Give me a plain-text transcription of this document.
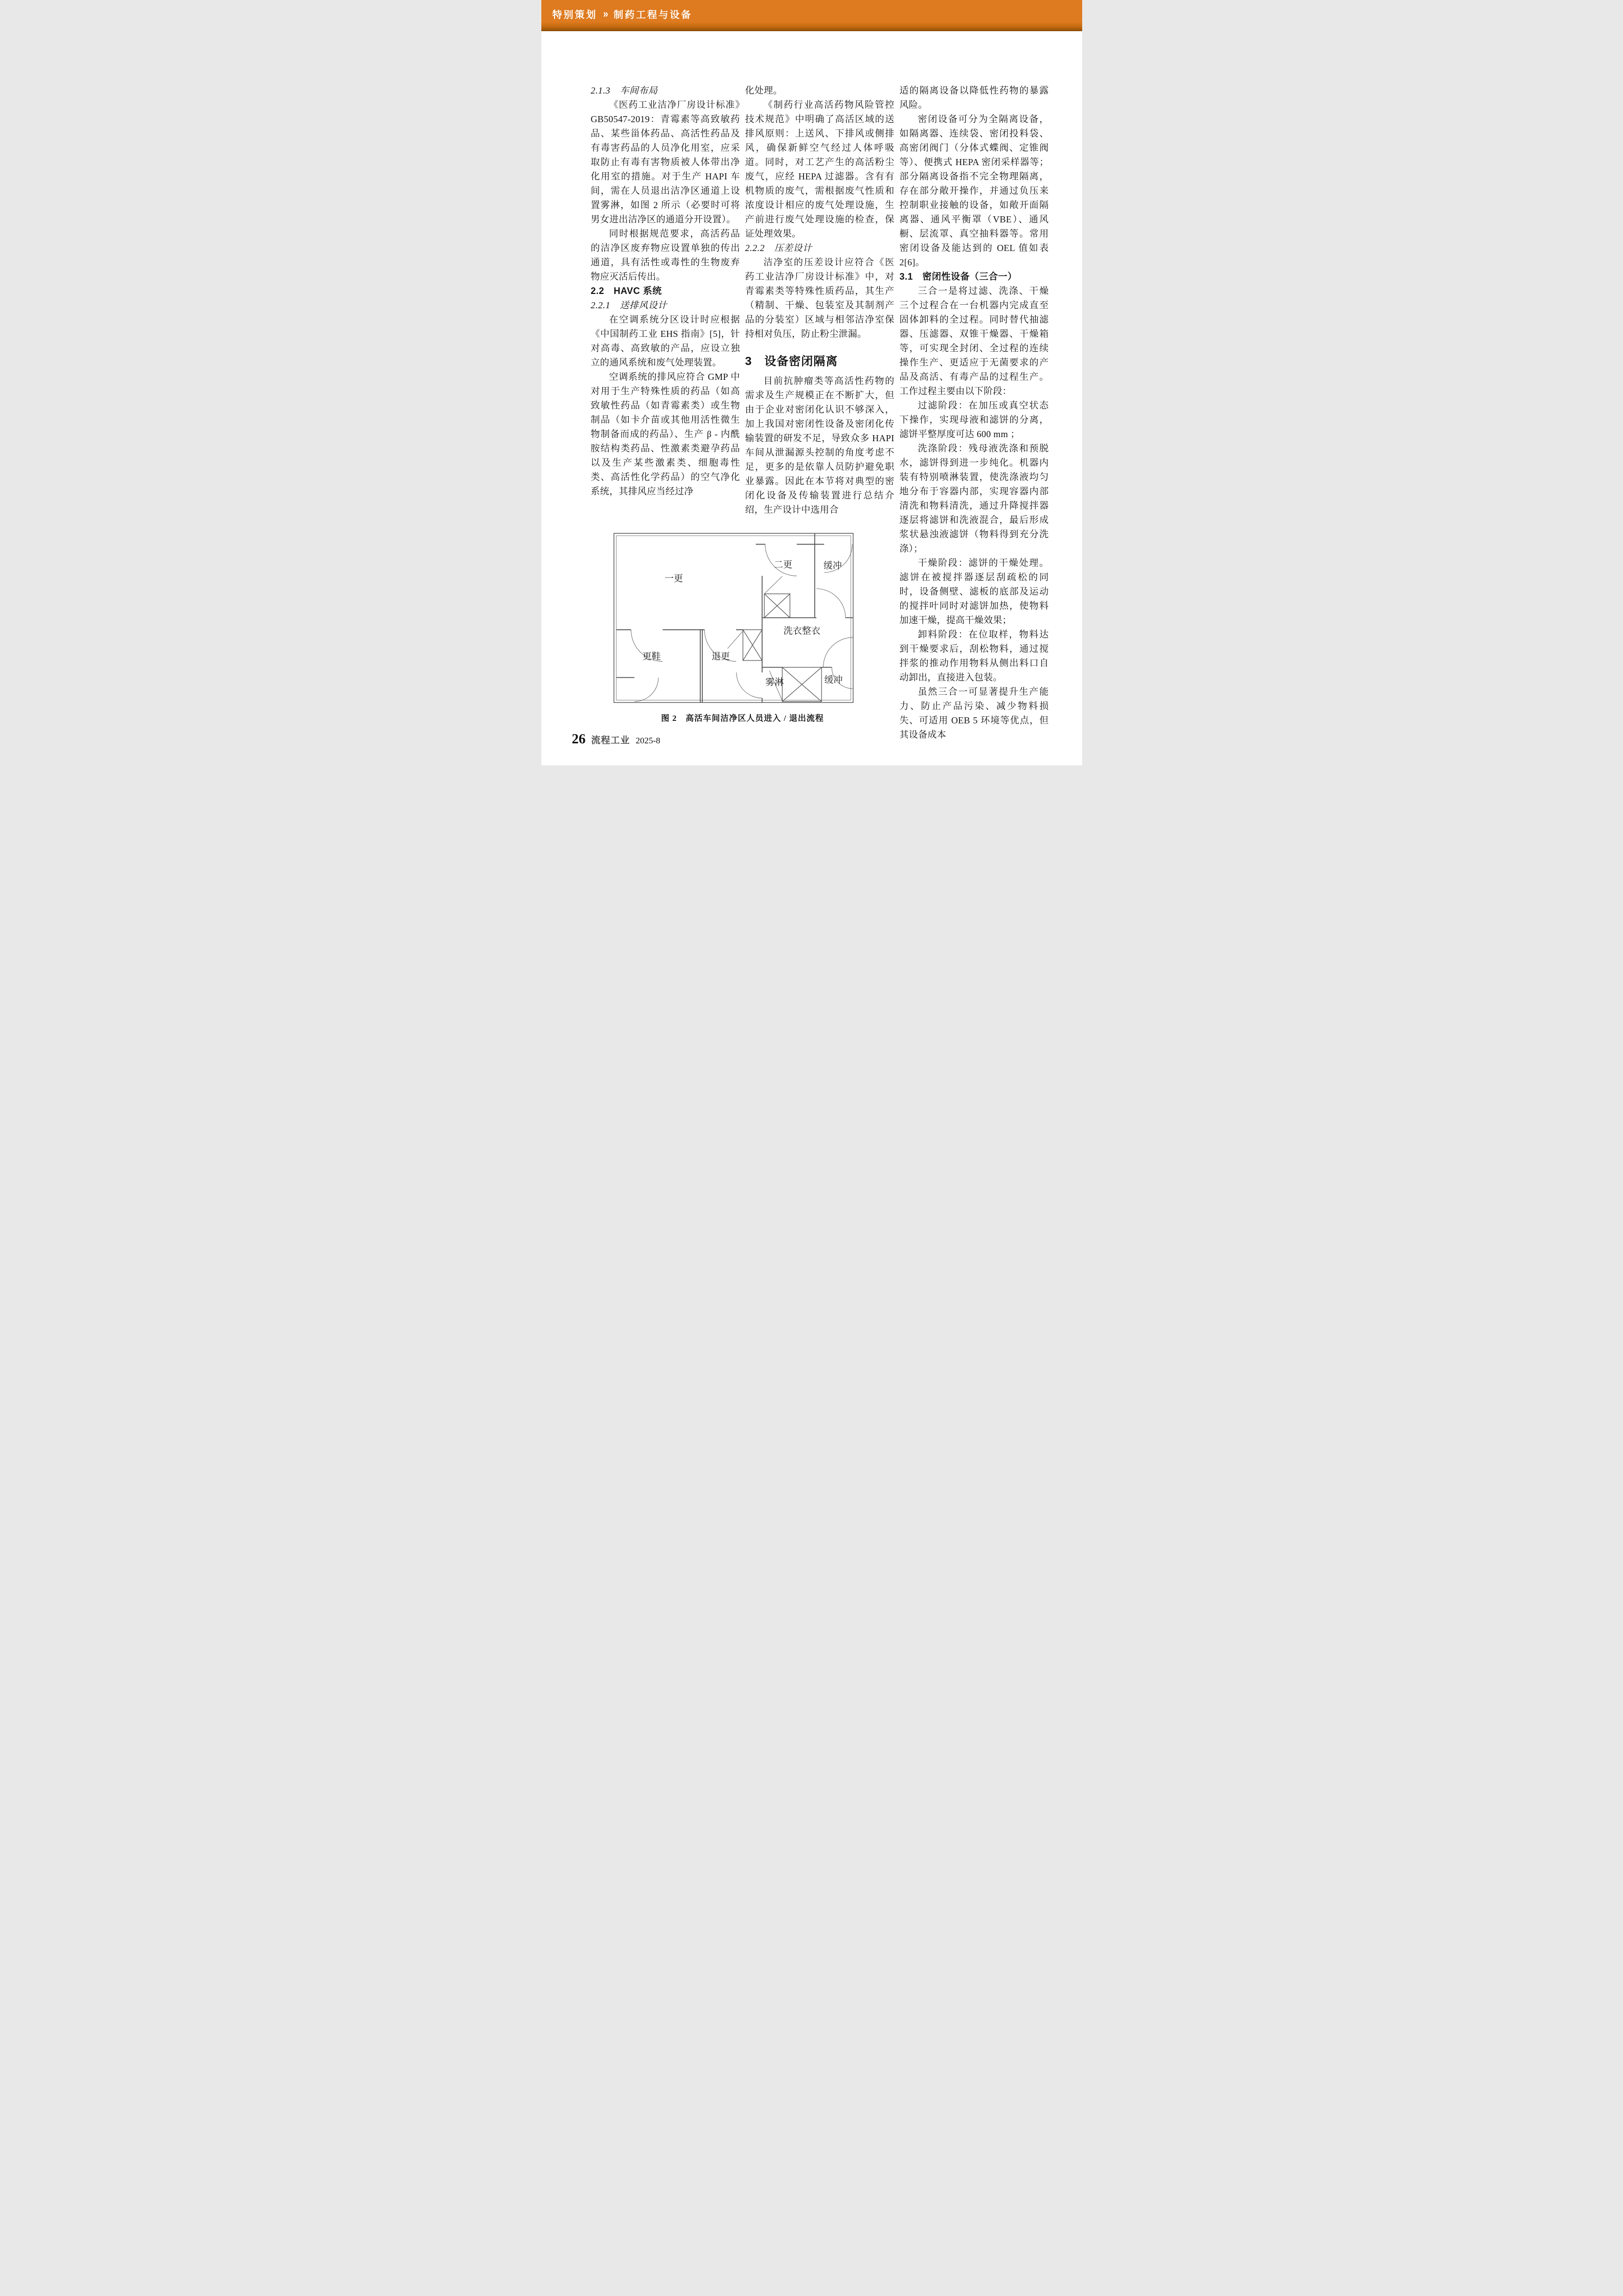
特别策划 » 制药工程与设备

2.1.3　车间布局

《医药工业洁净厂房设计标准》GB50547-2019：青霉素等高致敏药品、某些甾体药品、高活性药品及有毒害药品的人员净化用室，应采取防止有毒有害物质被人体带出净化用室的措施。对于生产 HAPI 车间，需在人员退出洁净区通道上设置雾淋，如图 2 所示（必要时可将男女进出洁净区的通道分开设置）。

同时根据规范要求，高活药品的洁净区废弃物应设置单独的传出通道，具有活性或毒性的生物废弃物应灭活后传出。

2.2　HAVC 系统

2.2.1　送排风设计

在空调系统分区设计时应根据《中国制药工业 EHS 指南》[5]，针对高毒、高致敏的产品，应设立独立的通风系统和废气处理装置。

空调系统的排风应符合 GMP 中对用于生产特殊性质的药品（如高致敏性药品（如青霉素类）或生物制品（如卡介苗或其他用活性微生物制备而成的药品）、生产 β - 内酰胺结构类药品、性激素类避孕药品以及生产某些激素类、细胞毒性类、高活性化学药品）的空气净化系统，其排风应当经过净

化处理。

《制药行业高活药物风险管控技术规范》中明确了高活区域的送排风原则：上送风、下排风或侧排风，确保新鲜空气经过人体呼吸道。同时，对工艺产生的高活粉尘废气，应经 HEPA 过滤器。含有有机物质的废气，需根据废气性质和浓度设计相应的废气处理设施，生产前进行废气处理设施的检查，保证处理效果。

2.2.2　压差设计

洁净室的压差设计应符合《医药工业洁净厂房设计标准》中，对青霉素类等特殊性质药品，其生产（精制、干燥、包装室及其制剂产品的分装室）区域与相邻洁净室保持相对负压，防止粉尘泄漏。

3　设备密闭隔离

目前抗肿瘤类等高活性药物的需求及生产规模正在不断扩大，但由于企业对密闭化认识不够深入，加上我国对密闭性设备及密闭化传输装置的研发不足，导致众多 HAPI 车间从泄漏源头控制的角度考虑不足，更多的是依靠人员防护避免职业暴露。因此在本节将对典型的密闭化设备及传输装置进行总结介绍，生产设计中选用合

一更
二更 缓冲
洗衣整衣
更鞋 退更
雾淋 缓冲
图 2　高活车间洁净区人员进入 / 退出流程

适的隔离设备以降低性药物的暴露风险。

密闭设备可分为全隔离设备，如隔离器、连续袋、密闭投料袋、高密闭阀门（分体式蝶阀、定锥阀等）、便携式 HEPA 密闭采样器等；部分隔离设备指不完全物理隔离，存在部分敞开操作，并通过负压来控制职业接触的设备，如敞开面隔离器、通风平衡罩（VBE）、通风橱、层流罩、真空抽料器等。常用密闭设备及能达到的 OEL 值如表 2[6]。

3.1　密闭性设备（三合一）

三合一是将过滤、洗涤、干燥三个过程合在一台机器内完成直至固体卸料的全过程。同时替代抽滤器、压滤器、双锥干燥器、干燥箱等，可实现全封闭、全过程的连续操作生产、更适应于无菌要求的产品及高活、有毒产品的过程生产。工作过程主要由以下阶段：

过滤阶段：在加压或真空状态下操作，实现母液和滤饼的分离，滤饼平整厚度可达 600 mm ；

洗涤阶段：残母液洗涤和预脱水，滤饼得到进一步纯化。机器内装有特别喷淋装置，使洗涤液均匀地分布于容器内部，实现容器内部清洗和物料清洗，通过升降搅拌器逐层将滤饼和洗液混合，最后形成浆状悬浊液滤饼（物料得到充分洗涤）；

干燥阶段：滤饼的干燥处理。滤饼在被搅拌器逐层刮疏松的同时，设备侧壁、滤板的底部及运动的搅拌叶同时对滤饼加热，使物料加速干燥，提高干燥效果；

卸料阶段：在位取样，物料达到干燥要求后，刮松物料，通过搅拌浆的推动作用物料从侧出料口自动卸出，直接进入包装。

虽然三合一可显著提升生产能力、防止产品污染、减少物料损失、可适用 OEB 5 环境等优点，但其设备成本

26 流程工业 2025-8
